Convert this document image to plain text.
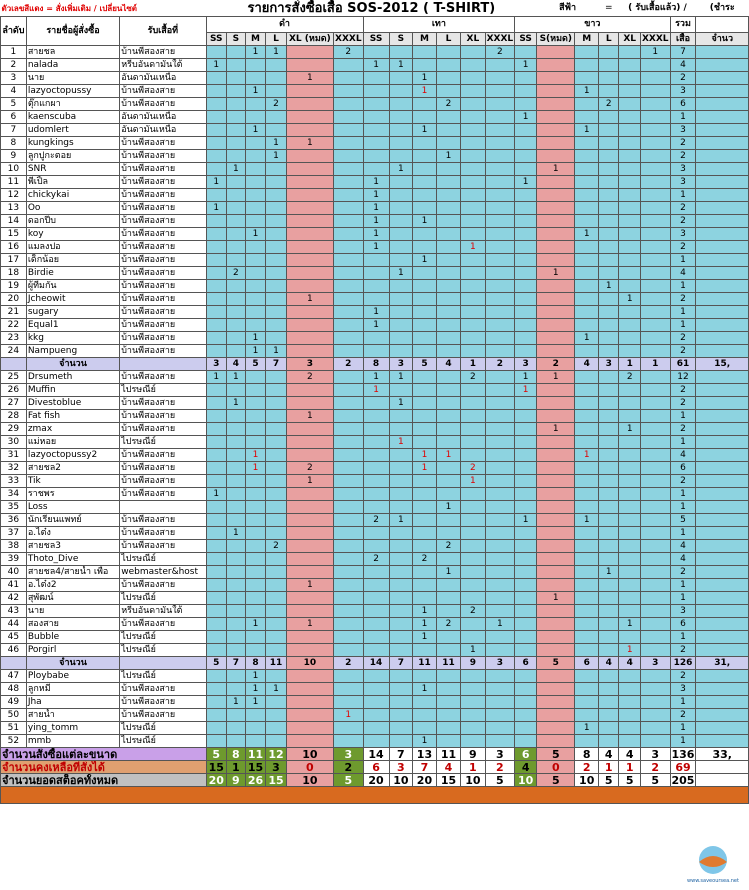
ตัวเลขสีแดง = สั่งเพิ่มเติม / เปลี่ยนไซต์			รายการสั่งซื้อเสื้อ SOS-2012 ( T-SHIRT)													สีฟ้า		=	( รับเสื้อแล้ว) /			(ชำระ
ลำดับ	รายชื่อผู้สั่งซื้อ	รับเสื้อที่	ดำ						เทา						ขาว						รวม	
			SS	S	M	L	XL (หมด)	XXXL	SS	S	M	L	XL	XXXL	SS	S(หมด)	M	L	XL	XXXL	เสื้อ	จำนว
1	สายชล	บ้านพี่สองสาย			1	1		2						2						1	7	
2	nalada	หรีบอันดามันใต้	1						1	1					1						4	
3	นาย	อันดามันเหนือ					1				1										2	
4	lazyoctopussy	บ้านพี่สองสาย			1						1						1				3	
5	ตุ๊กแกผา	บ้านพี่สองสาย				2						2						2			6	
6	kaenscuba	อันดามันเหนือ													1						1	
7	udomlert	อันดามันเหนือ			1						1						1				3	
8	kungkings	บ้านพี่สองสาย				1	1														2	
9	ลูกปูกะตอย	บ้านพี่สองสาย				1						1									2	
10	SNR	บ้านพี่สองสาย		1						1						1					3	
11	พี่เปิ้ล	บ้านพี่สองสาย	1						1						1						3	
12	chickykai	บ้านพี่สองสาย							1												1	
13	Oo	บ้านพี่สองสาย	1						1												2	
14	ดอกปีบ	บ้านพี่สองสาย							1		1										2	
15	koy	บ้านพี่สองสาย			1				1								1				3	
16	แมลงปอ	บ้านพี่สองสาย							1				1								2	
17	เด็กน้อย	บ้านพี่สองสาย									1										1	
18	Birdie	บ้านพี่สองสาย		2						1						1					4	
19	ผู้ทีมกัน	บ้านพี่สองสาย																1			1	
20	Jcheowit	บ้านพี่สองสาย					1												1		2	
21	sugary	บ้านพี่สองสาย							1												1	
22	Equal1	บ้านพี่สองสาย							1												1	
23	kkg	บ้านพี่สองสาย			1												1				2	
24	Nampueng	บ้านพี่สองสาย			1	1															2	
	จำนวน		3	4	5	7	3	2	8	3	5	4	1	2	3	2	4	3	1	1	61	15,
25	Drsumeth	บ้านพี่สองสาย	1	1			2		1	1			2		1	1			2		12	
26	Muffin	ไปรษณีย์							1						1						2	
27	Divestoblue	บ้านพี่สองสาย		1						1											2	
28	Fat fish	บ้านพี่สองสาย					1														1	
29	zmax	บ้านพี่สองสาย														1			1		2	
30	แม่หอย	ไปรษณีย์								1											1	
31	lazyoctopussy2	บ้านพี่สองสาย			1						1	1					1				4	
32	สายชล2	บ้านพี่สองสาย			1		2				1		2								6	
33	Tik	บ้านพี่สองสาย					1						1								2	
34	ราชพร	บ้านพี่สองสาย	1																		1	
35	Loss											1									1	
36	นักเรียนแพทย์	บ้านพี่สองสาย							2	1					1		1				5	
37	อ.ไต๋ง	บ้านพี่สองสาย		1																	1	
38	สายชล3	บ้านพี่สองสาย				2						2									4	
39	Thoto_Dive	ไปรษณีย์							2		2										4	
40	สายชล4/สายน้ำ เพื่อ	webmaster&host										1						1			2	
41	อ.ไต๋ง2	บ้านพี่สองสาย					1														1	
42	สุพัฒน์	ไปรษณีย์														1					1	
43	นาย	หรีบอันดามันใต้									1		2								3	
44	สองสาย	บ้านพี่สองสาย			1		1				1	2		1					1		6	
45	Bubble	ไปรษณีย์									1										1	
46	Porgirl	ไปรษณีย์											1						1		2	
	จำนวน		5	7	8	11	10	2	14	7	11	11	9	3	6	5	6	4	4	3	126	31,
47	Ploybabe	ไปรษณีย์			1																2	
48	ลูกหมี	บ้านพี่สองสาย			1	1					1										3	
49	Jha	บ้านพี่สองสาย		1	1																1	
50	สายน้ำ	บ้านพี่สองสาย						1													2	
51	ying_tomm	ไปรษณีย์															1				1	
52	mmb	ไปรษณีย์									1										1	
จำนวนสั่งซื้อแต่ละขนาด			5	8	11	12	10	3	14	7	13	11	9	3	6	5	8	4	4	3	136	33,
จำนวนคงเหลือที่สั่งได้			15	1	15	3	0	2	6	3	7	4	1	2	4	0	2	1	1	2	69	
จำนวนยอดสต็อคทั้งหมด			20	9	26	15	10	5	20	10	20	15	10	5	10	5	10	5	5	5	205	

www.saveoursea.net
